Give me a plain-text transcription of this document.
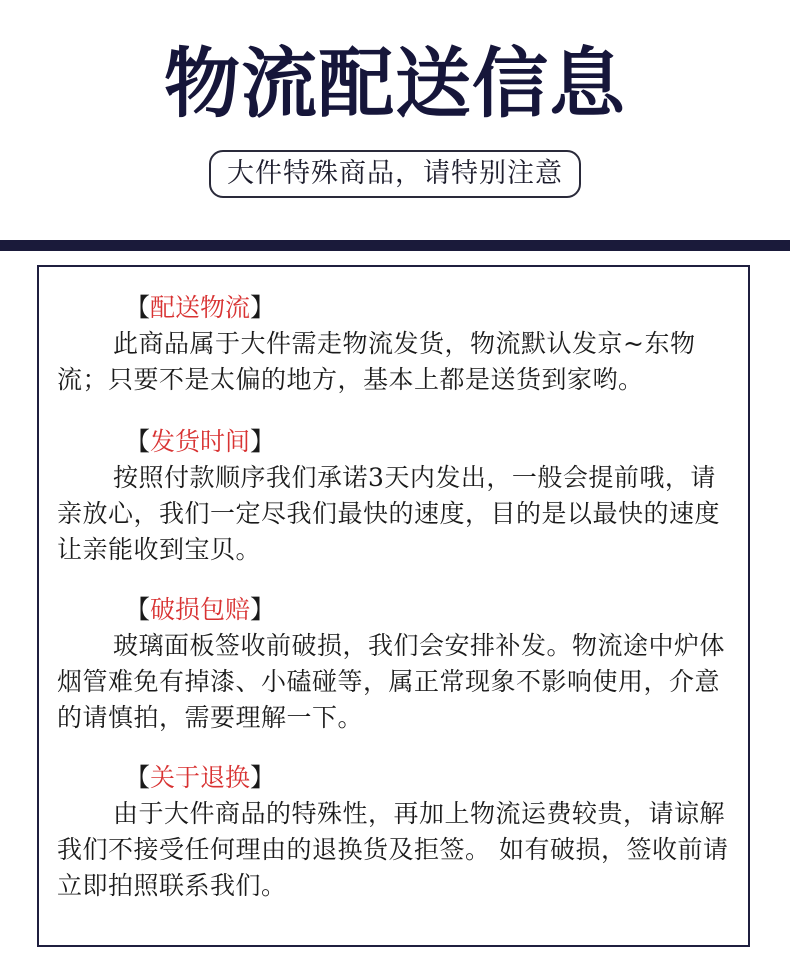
物流配送信息
大件特殊商品，请特别注意
【配送物流】

此商品属于大件需走物流发货，物流默认发京~东物流；只要不是太偏的地方，基本上都是送货到家哟。

【发货时间】

按照付款顺序我们承诺3天内发出，一般会提前哦，请亲放心，我们一定尽我们最快的速度，目的是以最快的速度让亲能收到宝贝。

【破损包赔】

玻璃面板签收前破损，我们会安排补发。物流途中炉体烟管难免有掉漆、小磕碰等，属正常现象不影响使用，介意的请慎拍，需要理解一下。

【关于退换】

由于大件商品的特殊性，再加上物流运费较贵，请谅解我们不接受任何理由的退换货及拒签。 如有破损，签收前请立即拍照联系我们。
